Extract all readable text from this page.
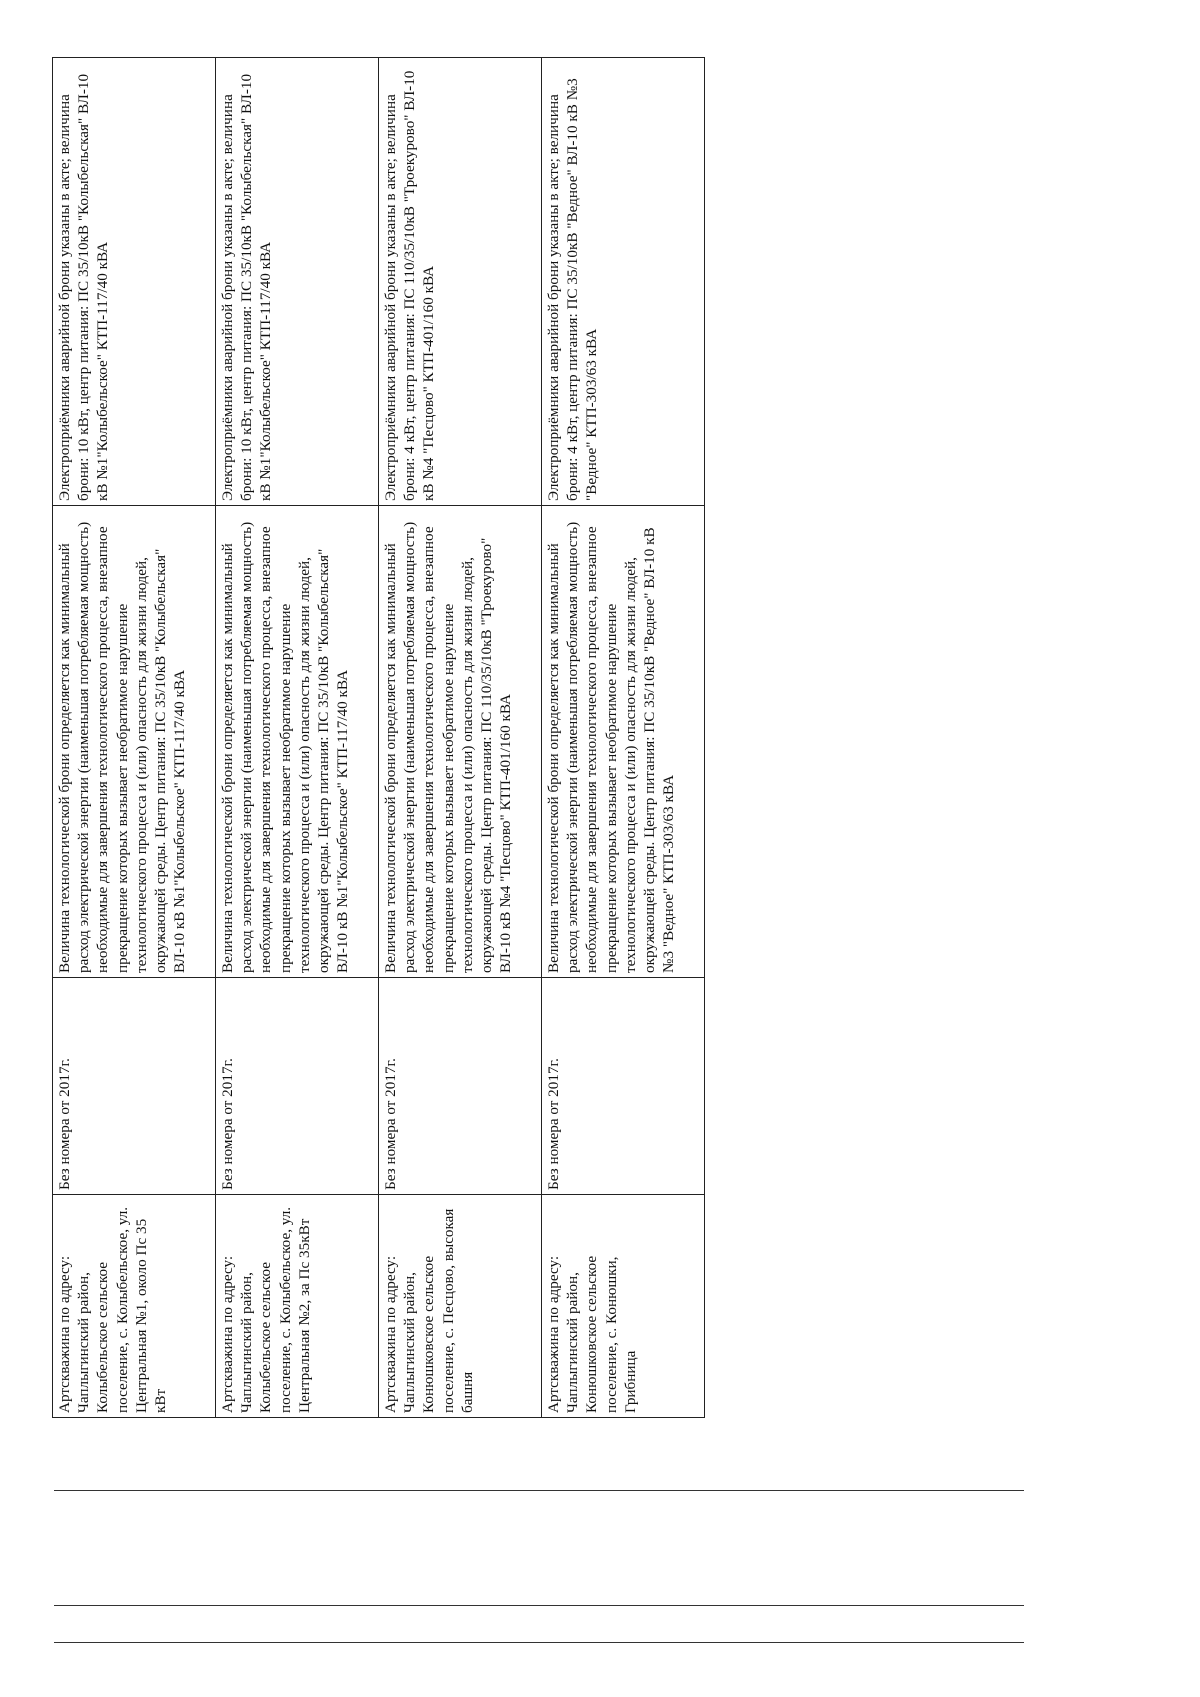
Артскважина по адресу: Чаплыгинский район, Колыбельское сельское поселение, с. Колыбельское, ул. Центральная №1, около Пс 35 кВт	Без номера от 2017г.	Величина технологической брони определяется как минимальный расход электрической энергии (наименьшая потребляемая мощность) необходимые для завершения технологического процесса, внезапное прекращение которых вызывает необратимое нарушение технологического процесса и (или) опасность для жизни людей, окружающей среды. Центр питания: ПС 35/10кВ "Колыбельская" ВЛ-10 кВ №1"Колыбельское" КТП-117/40 кВА	Электроприёмники аварийной брони указаны в акте; величина брони: 10 кВт, центр питания: ПС 35/10кВ "Колыбельская" ВЛ-10 кВ №1"Колыбельское" КТП-117/40 кВА
Артскважина по адресу: Чаплыгинский район, Колыбельское сельское поселение, с. Колыбельское, ул. Центральная №2, за Пс 35кВт	Без номера от 2017г.	Величина технологической брони определяется как минимальный расход электрической энергии (наименьшая потребляемая мощность) необходимые для завершения технологического процесса, внезапное прекращение которых вызывает необратимое нарушение технологического процесса и (или) опасность для жизни людей, окружающей среды. Центр питания: ПС 35/10кВ "Колыбельская" ВЛ-10 кВ №1"Колыбельское" КТП-117/40 кВА	Электроприёмники аварийной брони указаны в акте; величина брони: 10 кВт, центр питания: ПС 35/10кВ "Колыбельская" ВЛ-10 кВ №1"Колыбельское" КТП-117/40 кВА
Артскважина по адресу: Чаплыгинский район, Конюшковское сельское поселение, с. Песцово, высокая башня	Без номера от 2017г.	Величина технологической брони определяется как минимальный расход электрической энергии (наименьшая потребляемая мощность) необходимые для завершения технологического процесса, внезапное прекращение которых вызывает необратимое нарушение технологического процесса и (или) опасность для жизни людей, окружающей среды. Центр питания: ПС 110/35/10кВ "Троекурово" ВЛ-10 кВ №4 "Песцово" КТП-401/160 кВА	Электроприёмники аварийной брони указаны в акте; величина брони: 4 кВт, центр питания: ПС 110/35/10кВ "Троекурово" ВЛ-10 кВ №4 "Песцово" КТП-401/160 кВА
Артскважина по адресу: Чаплыгинский район, Конюшковское сельское поселение, с. Конюшки, Грибница	Без номера от 2017г.	Величина технологической брони определяется как минимальный расход электрической энергии (наименьшая потребляемая мощность) необходимые для завершения технологического процесса, внезапное прекращение которых вызывает необратимое нарушение технологического процесса и (или) опасность для жизни людей, окружающей среды. Центр питания: ПС 35/10кВ "Ведное" ВЛ-10 кВ №3 "Ведное" КТП-303/63 кВА	Электроприёмники аварийной брони указаны в акте; величина брони: 4 кВт, центр питания: ПС 35/10кВ "Ведное" ВЛ-10 кВ №3 "Ведное" КТП-303/63 кВА
